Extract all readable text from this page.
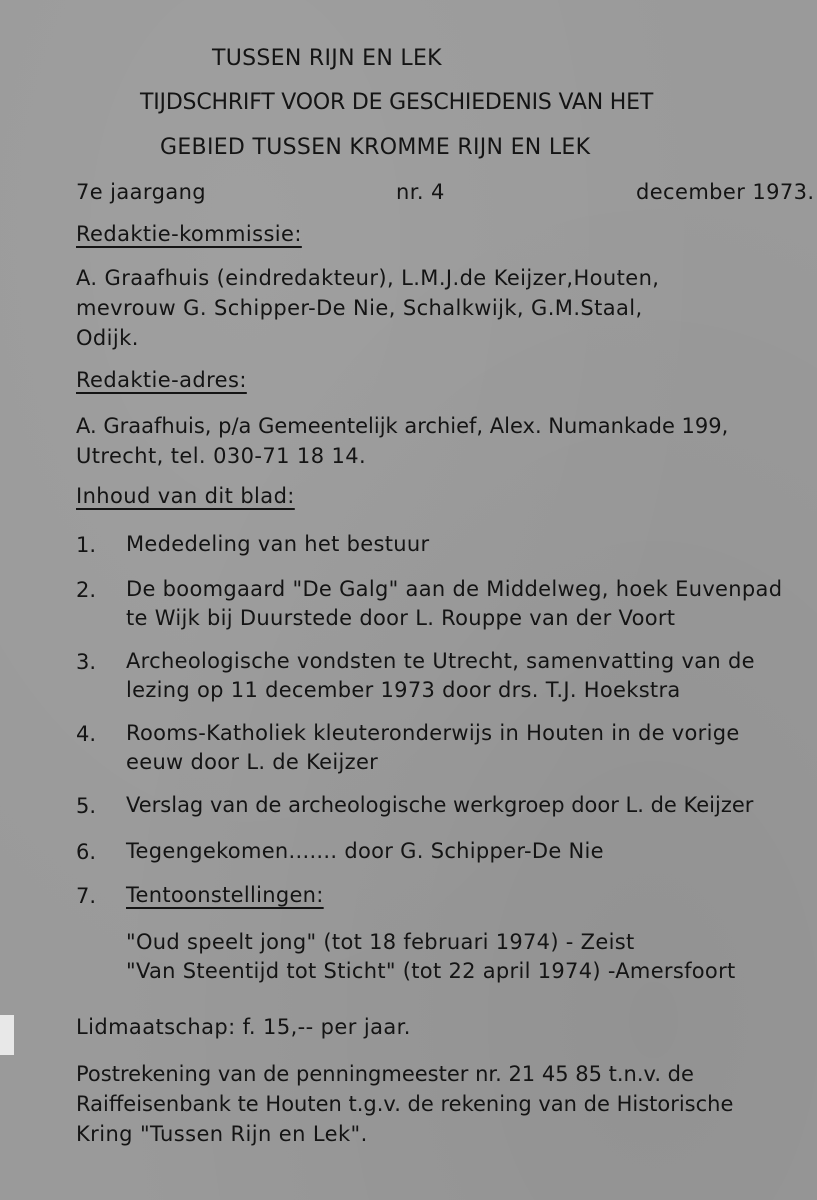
TUSSEN RIJN EN LEK
TIJDSCHRIFT VOOR DE GESCHIEDENIS VAN HET
GEBIED TUSSEN KROMME RIJN EN LEK
7e jaargang	nr. 4	december 1973.
Redaktie-kommissie:
A. Graafhuis (eindredakteur), L.M.J.de Keijzer,Houten,
mevrouw G. Schipper-De Nie, Schalkwijk, G.M.Staal,
Odijk.
Redaktie-adres:
A. Graafhuis, p/a Gemeentelijk archief, Alex. Numankade 199,
Utrecht, tel. 030-71 18 14.
Inhoud van dit blad:
1. Mededeling van het bestuur
2. De boomgaard "De Galg" aan de Middelweg, hoek Euvenpad
te Wijk bij Duurstede door L. Rouppe van der Voort
3. Archeologische vondsten te Utrecht, samenvatting van de
lezing op 11 december 1973 door drs. T.J. Hoekstra
4. Rooms-Katholiek kleuteronderwijs in Houten in de vorige
eeuw door L. de Keijzer
5. Verslag van de archeologische werkgroep door L. de Keijzer
6. Tegengekomen....... door G. Schipper-De Nie
7. Tentoonstellingen:
"Oud speelt jong" (tot 18 februari 1974) - Zeist
"Van Steentijd tot Sticht" (tot 22 april 1974) -Amersfoort
Lidmaatschap: f. 15,-- per jaar.
Postrekening van de penningmeester nr. 21 45 85 t.n.v. de
Raiffeisenbank te Houten t.g.v. de rekening van de Historische
Kring "Tussen Rijn en Lek".
